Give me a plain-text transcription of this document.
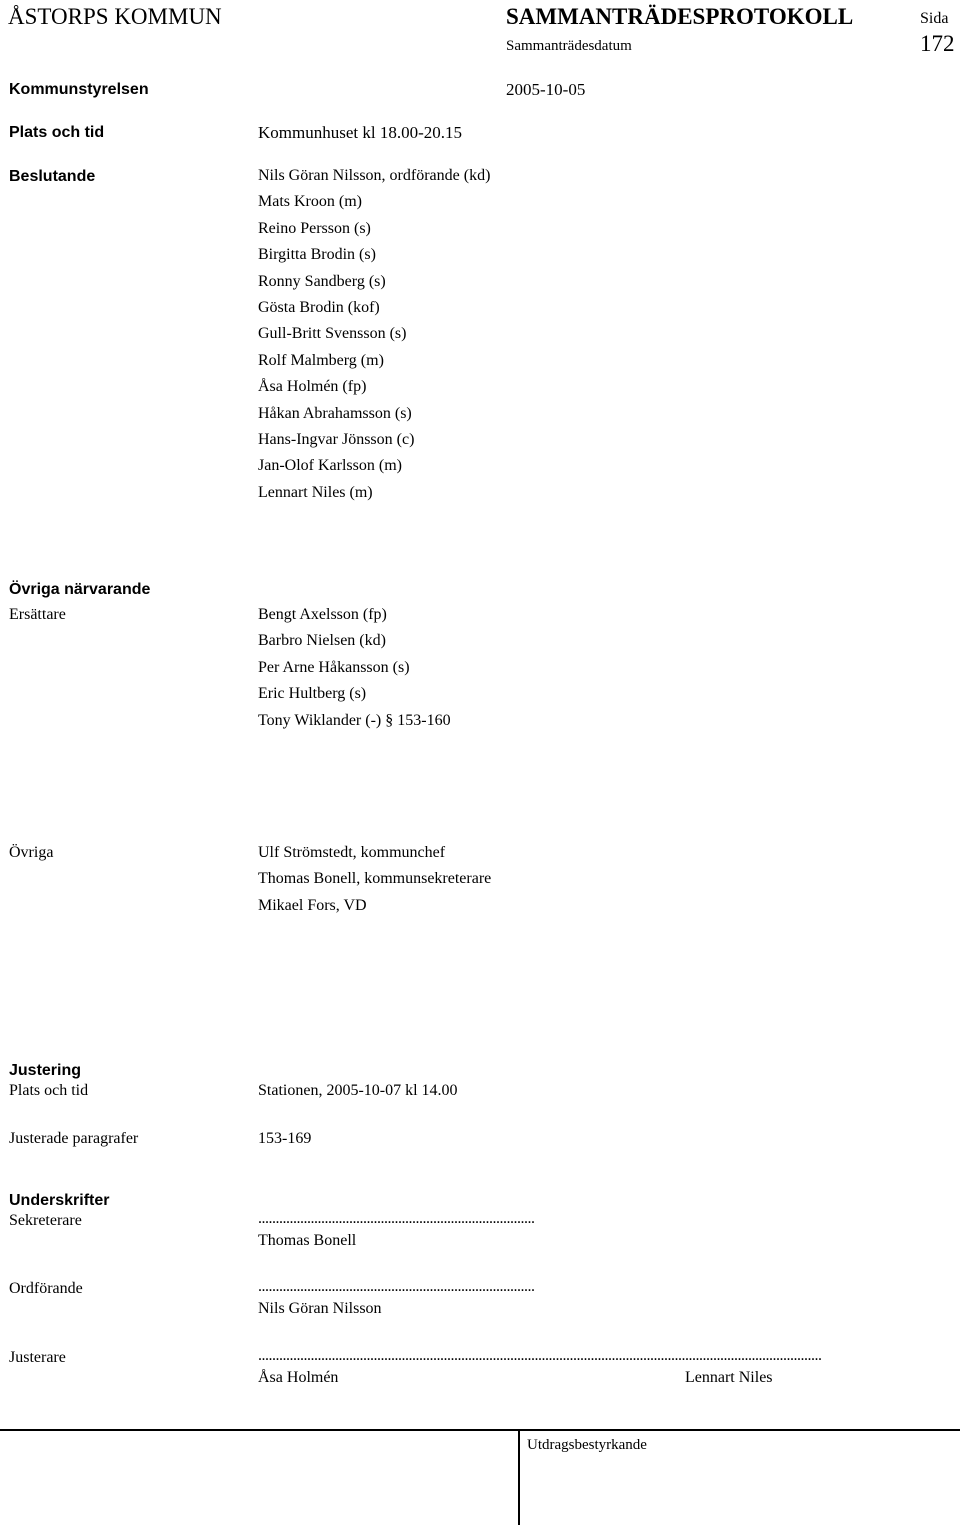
ÅSTORPS KOMMUN	SAMMANTRÄDESPROTOKOLL	Sida
Sammanträdesdatum	172
Kommunstyrelsen	2005-10-05
Plats och tid	Kommunhuset kl 18.00-20.15
Beslutande	Nils Göran Nilsson, ordförande (kd)
Mats Kroon (m)
Reino Persson (s)
Birgitta Brodin (s)
Ronny Sandberg (s)
Gösta Brodin (kof)
Gull-Britt Svensson (s)
Rolf Malmberg (m)
Åsa Holmén (fp)
Håkan Abrahamsson (s)
Hans-Ingvar Jönsson (c)
Jan-Olof Karlsson (m)
Lennart Niles (m)
Övriga närvarande
Ersättare	Bengt Axelsson (fp)
Barbro Nielsen (kd)
Per Arne Håkansson (s)
Eric Hultberg (s)
Tony Wiklander (-) § 153-160
Övriga	Ulf Strömstedt, kommunchef
Thomas Bonell, kommunsekreterare
Mikael Fors, VD
Justering
Plats och tid	Stationen, 2005-10-07 kl 14.00
Justerade paragrafer	153-169
Underskrifter
Sekreterare	...............................................................................
Thomas Bonell
Ordförande	...............................................................................
Nils Göran Nilsson
Justerare	.................................................................................................................................................................
Åsa Holmén	Lennart Niles
Utdragsbestyrkande
